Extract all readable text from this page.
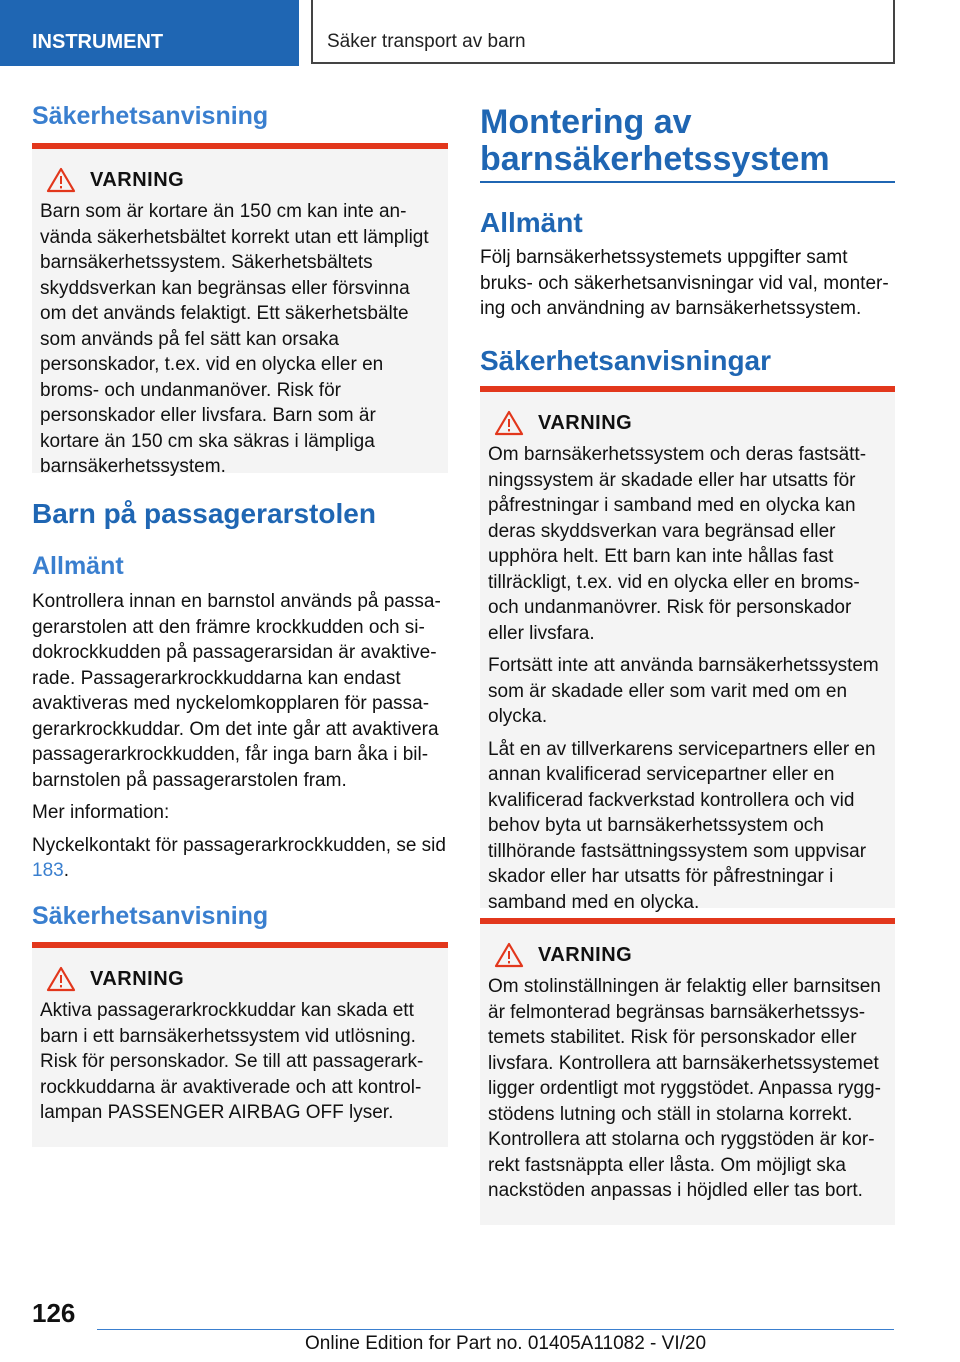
INSTRUMENT	Säker transport av barn
Säkerhetsanvisning
VARNING

Barn som är kortare än 150 cm kan inte använda säkerhetsbältet korrekt utan ett lämpligt barnsäkerhetssystem. Säkerhetsbältets skyddsverkan kan begränsas eller försvinna om det används felaktigt. Ett säkerhetsbälte som används på fel sätt kan orsaka personskador, t.ex. vid en olycka eller en broms- och undanmanöver. Risk för personskador eller livsfara. Barn som är kortare än 150 cm ska säkras i lämpliga barnsäkerhetssystem.

Barn på passagerarstolen
Allmänt

Kontrollera innan en barnstol används på passagerarstolen att den främre krockkudden och sidokrockkudden på passagerarsidan är avaktiverade. Passagerarkrockkuddarna kan endast avaktiveras med nyckelomkopplaren för passagerarkrockkuddar. Om det inte går att avaktivera passagerarkrockkudden, får inga barn åka i bilbarnstolen på passagerarstolen fram.

Mer information:

Nyckelkontakt för passagerarkrockkudden, se sid 183.

Säkerhetsanvisning
VARNING

Aktiva passagerarkrockkuddar kan skada ett barn i ett barnsäkerhetssystem vid utlösning. Risk för personskador. Se till att passagerarkrockkuddarna är avaktiverade och att kontrollampan PASSENGER AIRBAG OFF lyser.

Montering av barnsäkerhetssystem
Allmänt

Följ barnsäkerhetssystemets uppgifter samt bruks- och säkerhetsanvisningar vid val, montering och användning av barnsäkerhetssystem.

Säkerhetsanvisningar
VARNING

Om barnsäkerhetssystem och deras fastsättningssystem är skadade eller har utsatts för påfrestningar i samband med en olycka kan deras skyddsverkan vara begränsad eller upphöra helt. Ett barn kan inte hållas fast tillräckligt, t.ex. vid en olycka eller en broms- och undanmanövrer. Risk för personskador eller livsfara.

Fortsätt inte att använda barnsäkerhetssystem som är skadade eller som varit med om en olycka.

Låt en av tillverkarens servicepartners eller en annan kvalificerad servicepartner eller en kvalificerad fackverkstad kontrollera och vid behov byta ut barnsäkerhetssystem och tillhörande fastsättningssystem som uppvisar skador eller har utsatts för påfrestningar i samband med en olycka.

VARNING

Om stolinställningen är felaktig eller barnsitsen är felmonterad begränsas barnsäkerhetssystemets stabilitet. Risk för personskador eller livsfara. Kontrollera att barnsäkerhetssystemet ligger ordentligt mot ryggstödet. Anpassa ryggstödens lutning och ställ in stolarna korrekt. Kontrollera att stolarna och ryggstöden är korrekt fastsnäppta eller låsta. Om möjligt ska nackstöden anpassas i höjdled eller tas bort.

126
Online Edition for Part no. 01405A11082 - VI/20
